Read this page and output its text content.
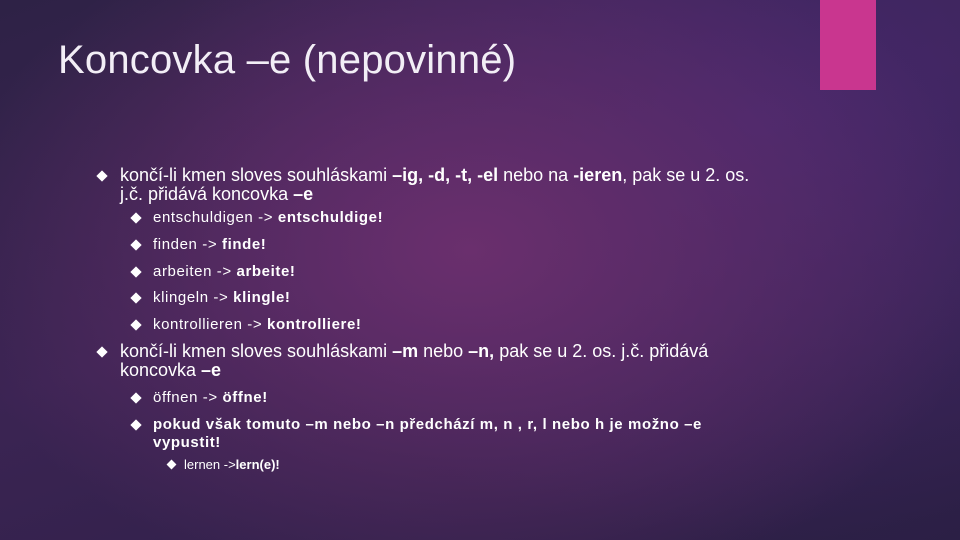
Koncovka –e (nepovinné)
končí-li kmen sloves souhláskami –ig, -d, -t, -el nebo na -ieren, pak se u 2. os.
j.č. přidává koncovka –e
entschuldigen -> entschuldige!
finden -> finde!
arbeiten -> arbeite!
klingeln -> klingle!
kontrollieren -> kontrolliere!
končí-li kmen sloves souhláskami –m nebo –n, pak se u 2. os. j.č. přidává
koncovka –e
öffnen -> öffne!
pokud však tomuto –m nebo –n předchází m, n , r, l nebo h je možno –e
vypustit!
lernen ->lern(e)!
